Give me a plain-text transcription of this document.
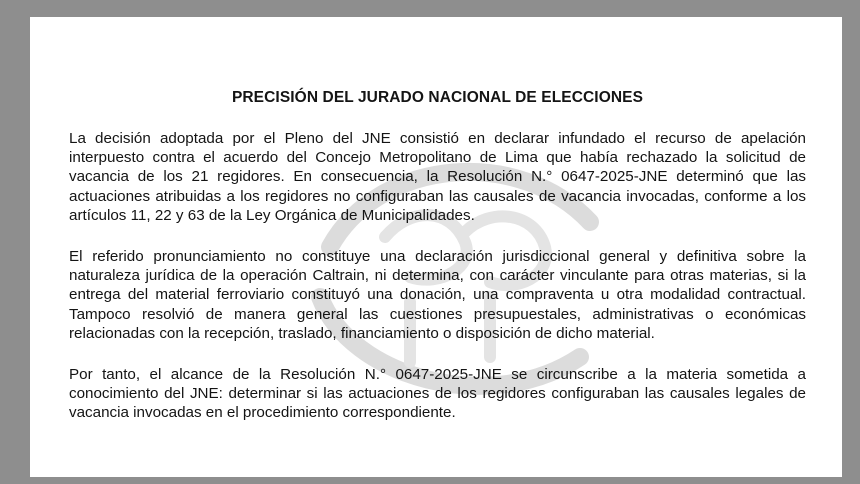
PRECISIÓN DEL JURADO NACIONAL DE ELECCIONES

La decisión adoptada por el Pleno del JNE consistió en declarar infundado el recurso de apelación interpuesto contra el acuerdo del Concejo Metropolitano de Lima que había rechazado la solicitud de vacancia de los 21 regidores. En consecuencia, la Resolución N.° 0647-2025-JNE determinó que las actuaciones atribuidas a los regidores no configuraban las causales de vacancia invocadas, conforme a los artículos 11, 22 y 63 de la Ley Orgánica de Municipalidades.

El referido pronunciamiento no constituye una declaración jurisdiccional general y definitiva sobre la naturaleza jurídica de la operación Caltrain, ni determina, con carácter vinculante para otras materias, si la entrega del material ferroviario constituyó una donación, una compraventa u otra modalidad contractual. Tampoco resolvió de manera general las cuestiones presupuestales, administrativas o económicas relacionadas con la recepción, traslado, financiamiento o disposición de dicho material.

Por tanto, el alcance de la Resolución N.° 0647-2025-JNE se circunscribe a la materia sometida a conocimiento del JNE: determinar si las actuaciones de los regidores configuraban las causales legales de vacancia invocadas en el procedimiento correspondiente.
